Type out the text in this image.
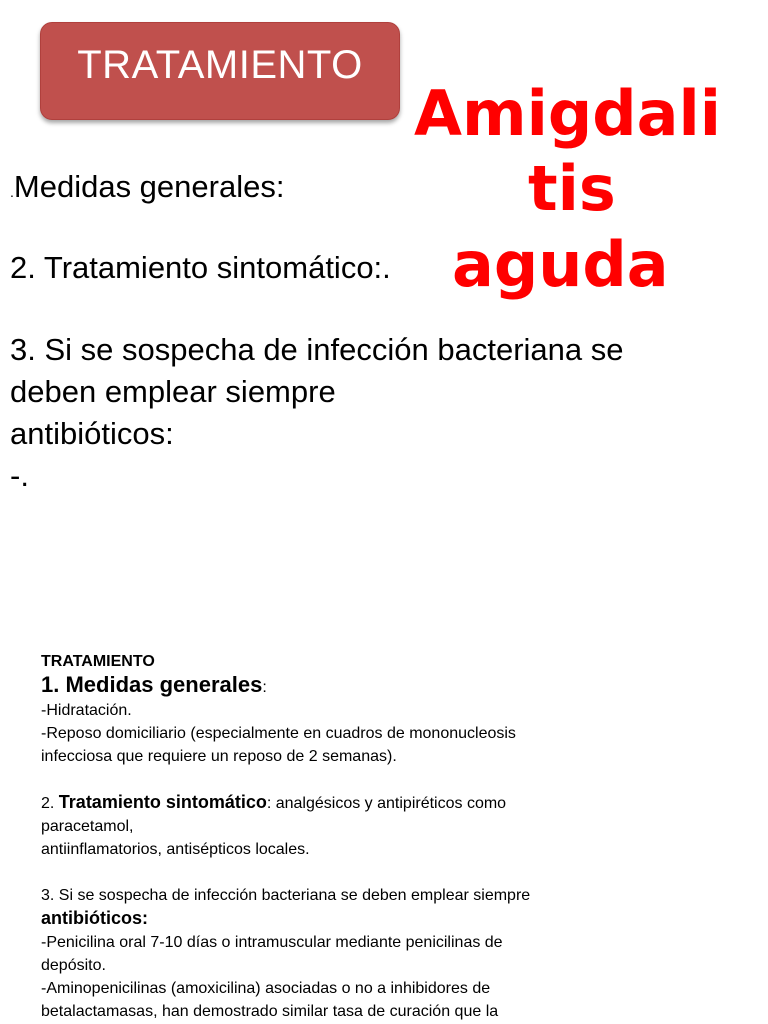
TRATAMIENTO
Amigdali
tis
aguda
.Medidas generales:
2. Tratamiento sintomático:.
3. Si se sospecha de infección bacteriana se
deben emplear siempre
antibióticos:
-.

TRATAMIENTO

1. Medidas generales:

-Hidratación.

-Reposo domiciliario (especialmente en cuadros de mononucleosis

infecciosa que requiere un reposo de 2 semanas).

2. Tratamiento sintomático: analgésicos y antipiréticos como

paracetamol,

antiinflamatorios, antisépticos locales.

3. Si se sospecha de infección bacteriana se deben emplear siempre

antibióticos:

-Penicilina oral 7-10 días o intramuscular mediante penicilinas de

depósito.

-Aminopenicilinas (amoxicilina) asociadas o no a inhibidores de

betalactamasas, han demostrado similar tasa de curación que la
